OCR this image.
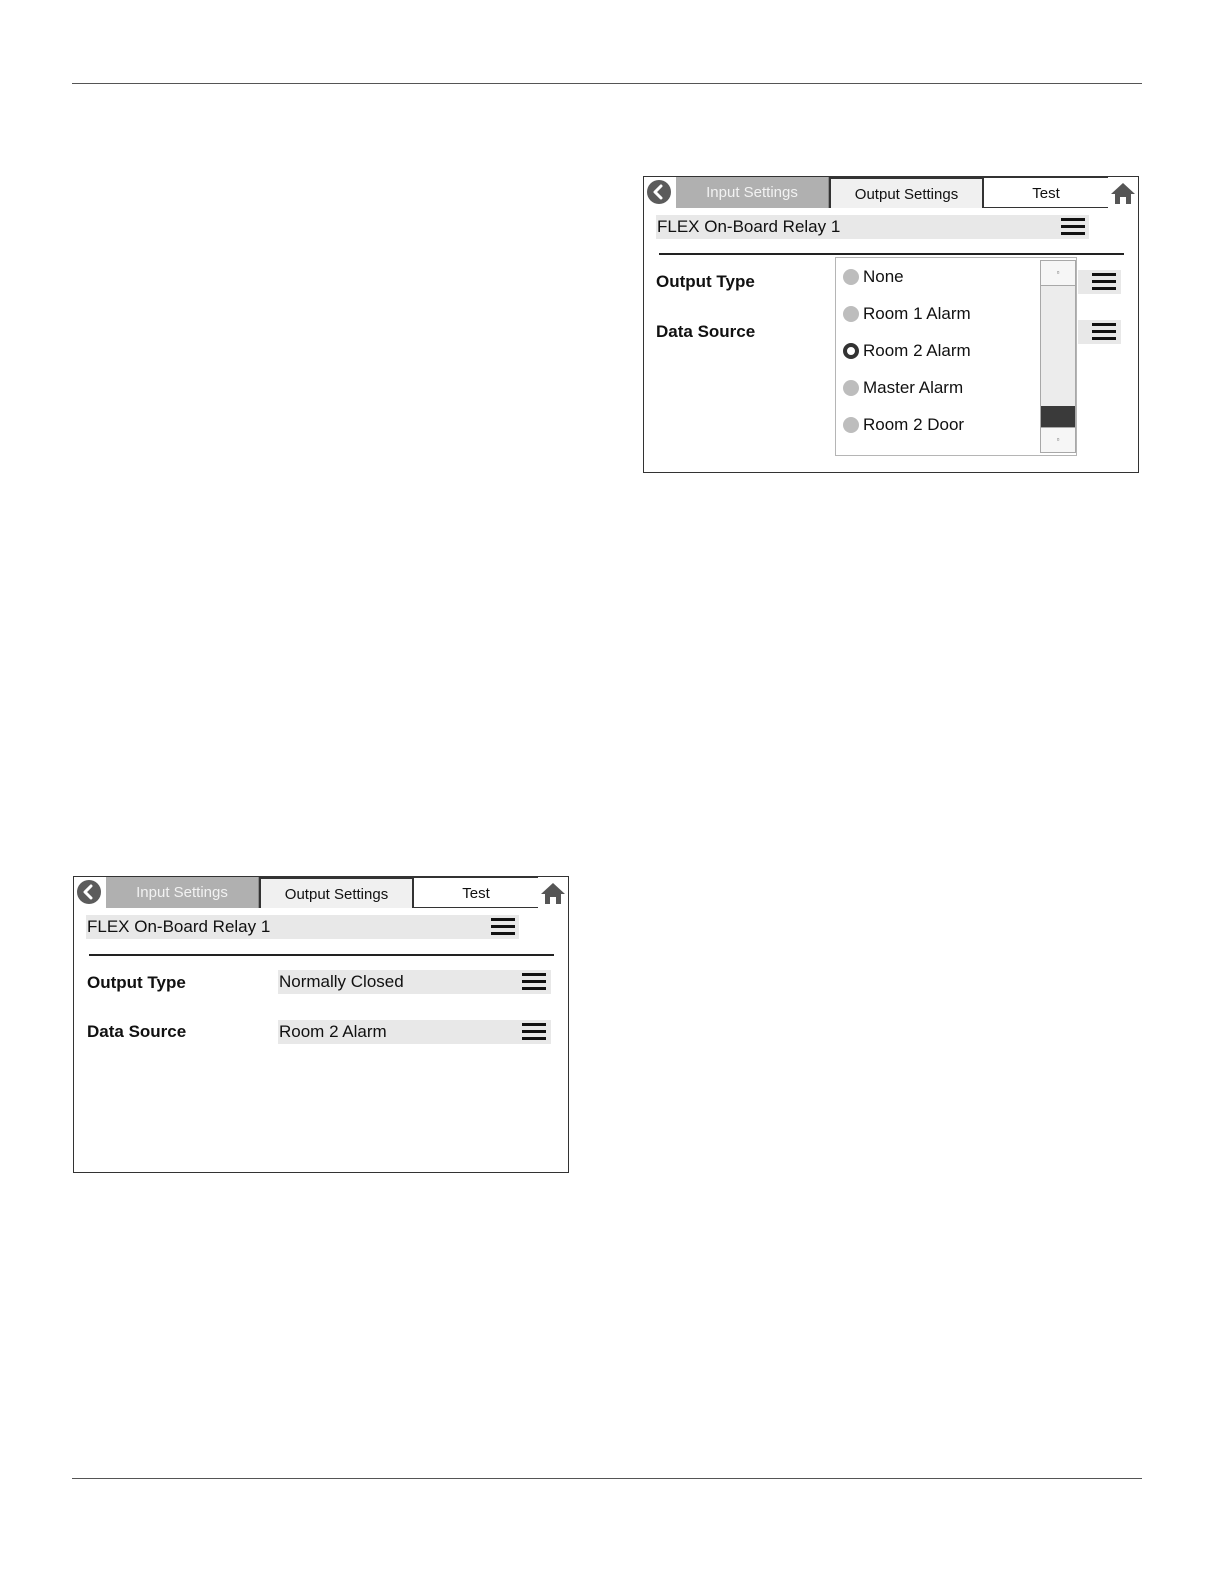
Input Settings	Output Settings	Test
FLEX On-Board Relay 1
Output Type
Data Source
None
Room 1 Alarm
Room 2 Alarm
Master Alarm
Room 2 Door
▫
▫
Input Settings	Output Settings	Test
FLEX On-Board Relay 1
Output Type	Normally Closed
Data Source	Room 2 Alarm
